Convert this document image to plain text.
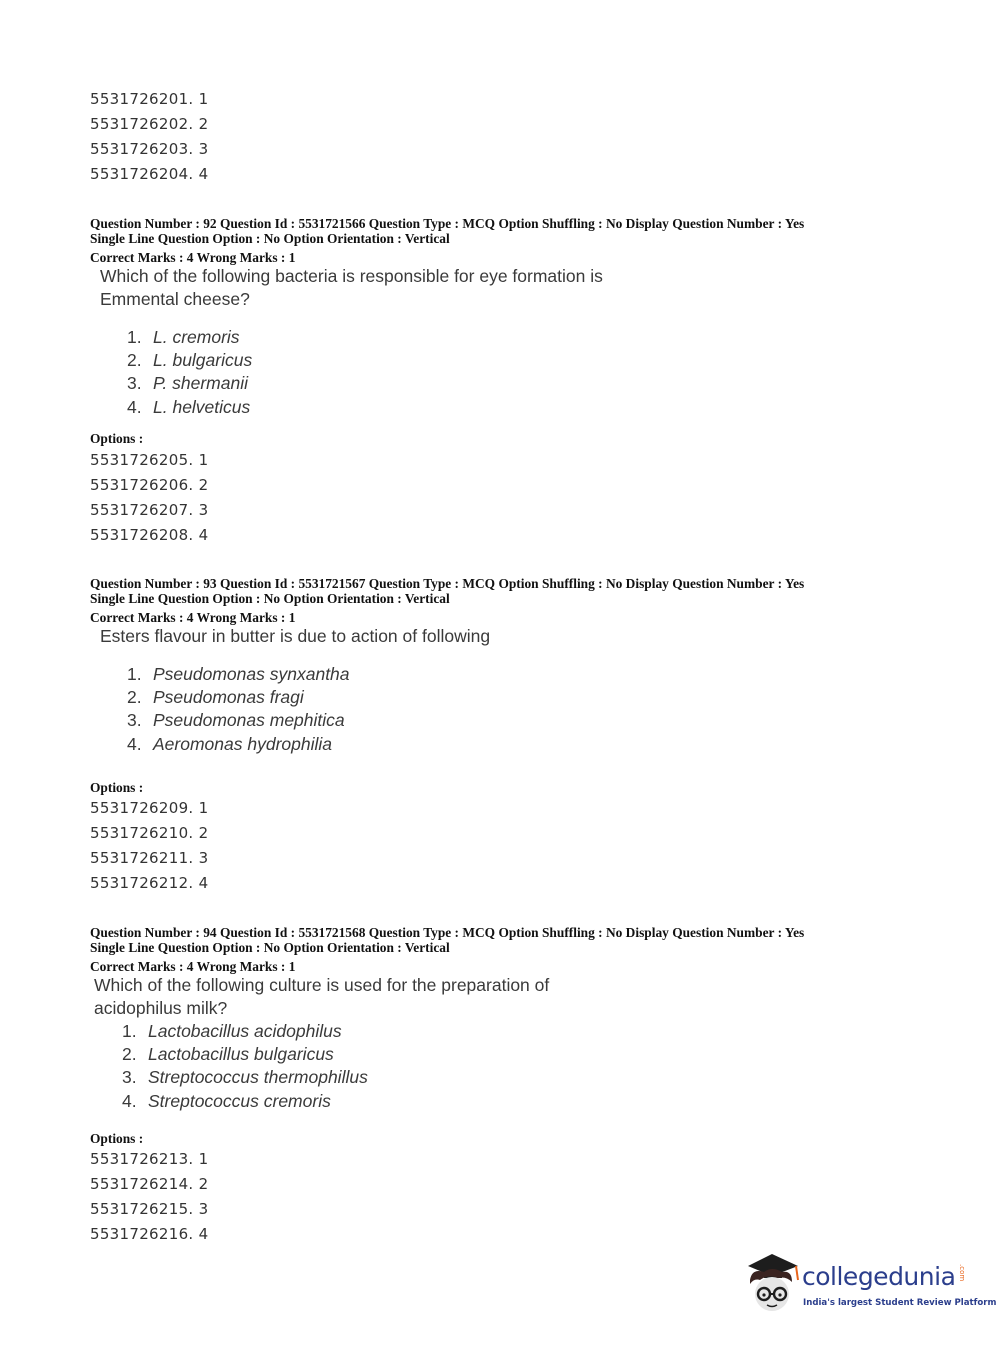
5531726201. 1
5531726202. 2
5531726203. 3
5531726204. 4
Question Number : 92 Question Id : 5531721566 Question Type : MCQ Option Shuffling : No Display Question Number : Yes
Single Line Question Option : No Option Orientation : Vertical
Correct Marks : 4 Wrong Marks : 1
Which of the following bacteria is responsible for eye formation is
Emmental cheese?
1. L. cremoris
2. L. bulgaricus
3. P. shermanii
4. L. helveticus
Options :
5531726205. 1
5531726206. 2
5531726207. 3
5531726208. 4
Question Number : 93 Question Id : 5531721567 Question Type : MCQ Option Shuffling : No Display Question Number : Yes
Single Line Question Option : No Option Orientation : Vertical
Correct Marks : 4 Wrong Marks : 1
Esters flavour in butter is due to action of following
1. Pseudomonas synxantha
2. Pseudomonas fragi
3. Pseudomonas mephitica
4. Aeromonas hydrophilia
Options :
5531726209. 1
5531726210. 2
5531726211. 3
5531726212. 4
Question Number : 94 Question Id : 5531721568 Question Type : MCQ Option Shuffling : No Display Question Number : Yes
Single Line Question Option : No Option Orientation : Vertical
Correct Marks : 4 Wrong Marks : 1
Which of the following culture is used for the preparation of
acidophilus milk?
1. Lactobacillus acidophilus
2. Lactobacillus bulgaricus
3. Streptococcus thermophillus
4. Streptococcus cremoris
Options :
5531726213. 1
5531726214. 2
5531726215. 3
5531726216. 4
collegedunia .com
India's largest Student Review Platform
